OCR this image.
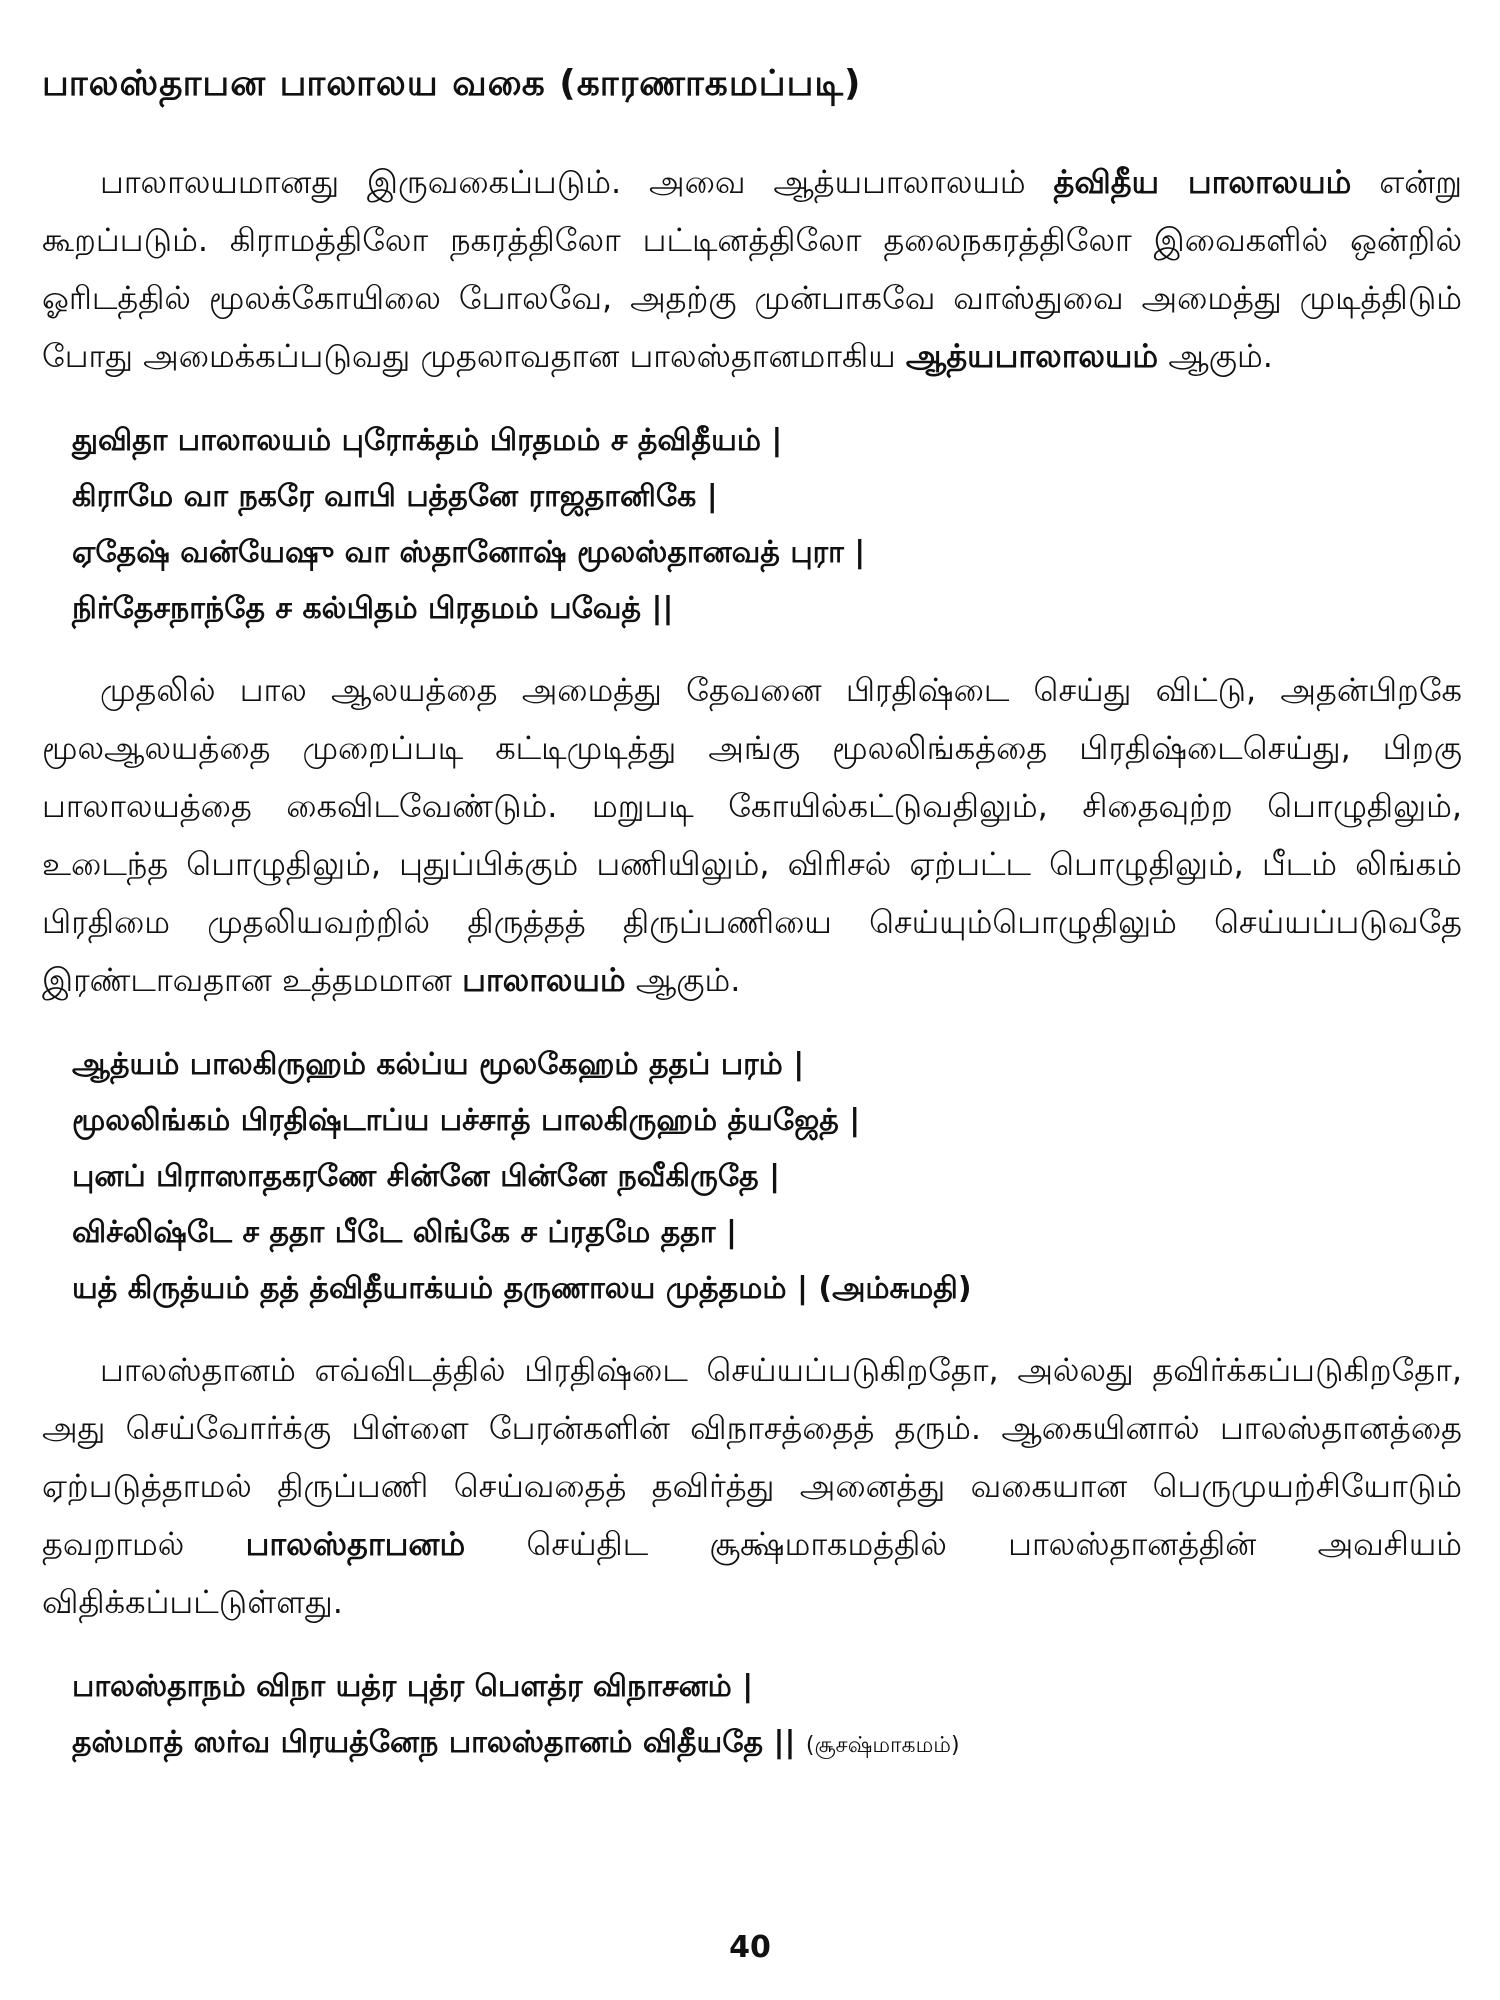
பாலஸ்தாபன பாலாலய வகை (காரணாகமப்படி)

பாலாலயமானது இருவகைப்படும். அவை ஆத்யபாலாலயம் த்விதீய பாலாலயம் என்று கூறப்படும். கிராமத்திலோ நகரத்திலோ பட்டினத்திலோ தலைநகரத்திலோ இவைகளில் ஒன்றில் ஓரிடத்தில் மூலக்கோயிலை போலவே, அதற்கு முன்பாகவே வாஸ்துவை அமைத்து முடித்திடும் போது அமைக்கப்படுவது முதலாவதான பாலஸ்தானமாகிய ஆத்யபாலாலயம் ஆகும்.

துவிதா பாலாலயம் புரோக்தம் பிரதமம் ச த்விதீயம் |
கிராமே வா நகரே வாபி பத்தனே ராஜதானிகே |
ஏதேஷ் வன்யேஷு வா ஸ்தானோஷ் மூலஸ்தானவத் புரா |
நிர்தேசநாந்தே ச கல்பிதம் பிரதமம் பவேத் ||

முதலில் பால ஆலயத்தை அமைத்து தேவனை பிரதிஷ்டை செய்து விட்டு, அதன்பிறகே மூலஆலயத்தை முறைப்படி கட்டிமுடித்து அங்கு மூலலிங்கத்தை பிரதிஷ்டைசெய்து, பிறகு பாலாலயத்தை கைவிடவேண்டும். மறுபடி கோயில்கட்டுவதிலும், சிதைவுற்ற பொழுதிலும், உடைந்த பொழுதிலும், புதுப்பிக்கும் பணியிலும், விரிசல் ஏற்பட்ட பொழுதிலும், பீடம் லிங்கம் பிரதிமை முதலியவற்றில் திருத்தத் திருப்பணியை செய்யும்பொழுதிலும் செய்யப்படுவதே இரண்டாவதான உத்தமமான பாலாலயம் ஆகும்.

ஆத்யம் பாலகிருஹம் கல்ப்ய மூலகேஹம் ததப் பரம் |
மூலலிங்கம் பிரதிஷ்டாப்ய பச்சாத் பாலகிருஹம் த்யஜேத் |
புனப் பிராஸாதகரணே சின்னே பின்னே நவீகிருதே |
விச்லிஷ்டே ச ததா பீடே லிங்கே ச ப்ரதமே ததா |
யத் கிருத்யம் தத் த்விதீயாக்யம் தருணாலய முத்தமம் | (அம்சுமதி)

பாலஸ்தானம் எவ்விடத்தில் பிரதிஷ்டை செய்யப்படுகிறதோ, அல்லது தவிர்க்கப்படுகிறதோ, அது செய்வோர்க்கு பிள்ளை பேரன்களின் விநாசத்தைத் தரும். ஆகையினால் பாலஸ்தானத்தை ஏற்படுத்தாமல் திருப்பணி செய்வதைத் தவிர்த்து அனைத்து வகையான பெருமுயற்சியோடும் தவறாமல் பாலஸ்தாபனம் செய்திட சூக்ஷ்மாகமத்தில் பாலஸ்தானத்தின் அவசியம் விதிக்கப்பட்டுள்ளது.

பாலஸ்தாநம் விநா யத்ர புத்ர பௌத்ர விநாசனம் |
தஸ்மாத் ஸர்வ பிரயத்னேந பாலஸ்தானம் விதீயதே || (சூசஷ்மாகமம்)
40
